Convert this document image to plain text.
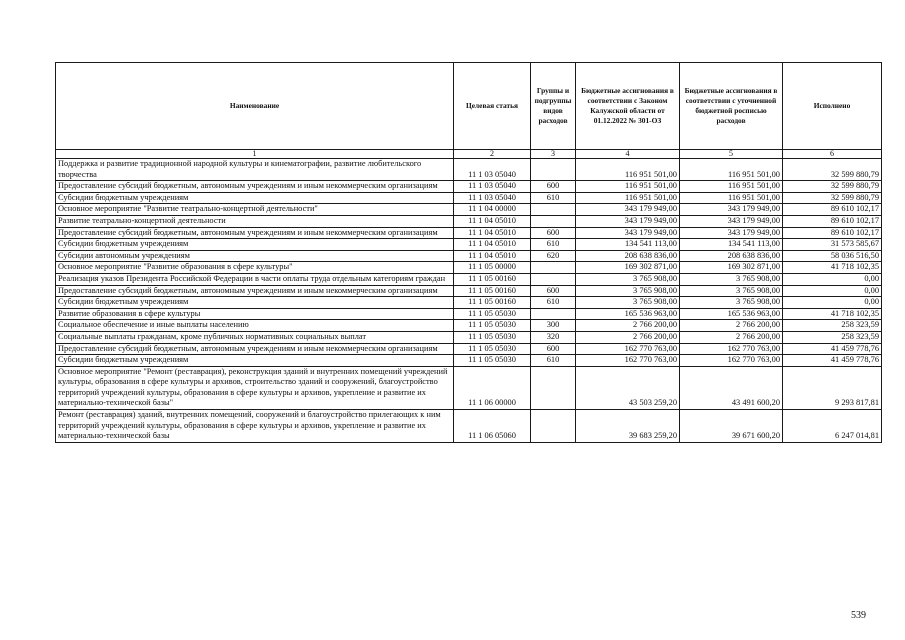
Наименование	Целевая статья	Группы и подгруппы видов расходов	Бюджетные ассигнования в соответствии с Законом Калужской области от 01.12.2022 № 301-ОЗ	Бюджетные ассигнования в соответствии с уточненной бюджетной росписью расходов	Исполнено
1	2	3	4	5	6
Поддержка и развитие традиционной народной культуры и кинематографии, развитие любительского творчества	11 1 03 05040		116 951 501,00	116 951 501,00	32 599 880,79
Предоставление субсидий бюджетным, автономным учреждениям и иным некоммерческим организациям	11 1 03 05040	600	116 951 501,00	116 951 501,00	32 599 880,79
Субсидии бюджетным учреждениям	11 1 03 05040	610	116 951 501,00	116 951 501,00	32 599 880,79
Основное мероприятие "Развитие театрально-концертной деятельности"	11 1 04 00000		343 179 949,00	343 179 949,00	89 610 102,17
Развитие театрально-концертной деятельности	11 1 04 05010		343 179 949,00	343 179 949,00	89 610 102,17
Предоставление субсидий бюджетным, автономным учреждениям и иным некоммерческим организациям	11 1 04 05010	600	343 179 949,00	343 179 949,00	89 610 102,17
Субсидии бюджетным учреждениям	11 1 04 05010	610	134 541 113,00	134 541 113,00	31 573 585,67
Субсидии автономным учреждениям	11 1 04 05010	620	208 638 836,00	208 638 836,00	58 036 516,50
Основное мероприятие "Развитие образования в сфере культуры"	11 1 05 00000		169 302 871,00	169 302 871,00	41 718 102,35
Реализация указов Президента Российской Федерации в части оплаты труда отдельным категориям граждан	11 1 05 00160		3 765 908,00	3 765 908,00	0,00
Предоставление субсидий бюджетным, автономным учреждениям и иным некоммерческим организациям	11 1 05 00160	600	3 765 908,00	3 765 908,00	0,00
Субсидии бюджетным учреждениям	11 1 05 00160	610	3 765 908,00	3 765 908,00	0,00
Развитие образования в сфере культуры	11 1 05 05030		165 536 963,00	165 536 963,00	41 718 102,35
Социальное обеспечение и иные выплаты населению	11 1 05 05030	300	2 766 200,00	2 766 200,00	258 323,59
Социальные выплаты гражданам, кроме публичных нормативных социальных выплат	11 1 05 05030	320	2 766 200,00	2 766 200,00	258 323,59
Предоставление субсидий бюджетным, автономным учреждениям и иным некоммерческим организациям	11 1 05 05030	600	162 770 763,00	162 770 763,00	41 459 778,76
Субсидии бюджетным учреждениям	11 1 05 05030	610	162 770 763,00	162 770 763,00	41 459 778,76
Основное мероприятие "Ремонт (реставрация), реконструкция зданий и внутренних помещений учреждений культуры, образования в сфере культуры и архивов, строительство зданий и сооружений, благоустройство территорий учреждений культуры, образования в сфере культуры и архивов, укрепление и развитие их материально-технической базы"	11 1 06 00000		43 503 259,20	43 491 600,20	9 293 817,81
Ремонт (реставрация) зданий, внутренних помещений, сооружений и благоустройство прилегающих к ним территорий учреждений культуры, образования в сфере культуры и архивов, укрепление и развитие их материально-технической базы	11 1 06 05060		39 683 259,20	39 671 600,20	6 247 014,81
539
